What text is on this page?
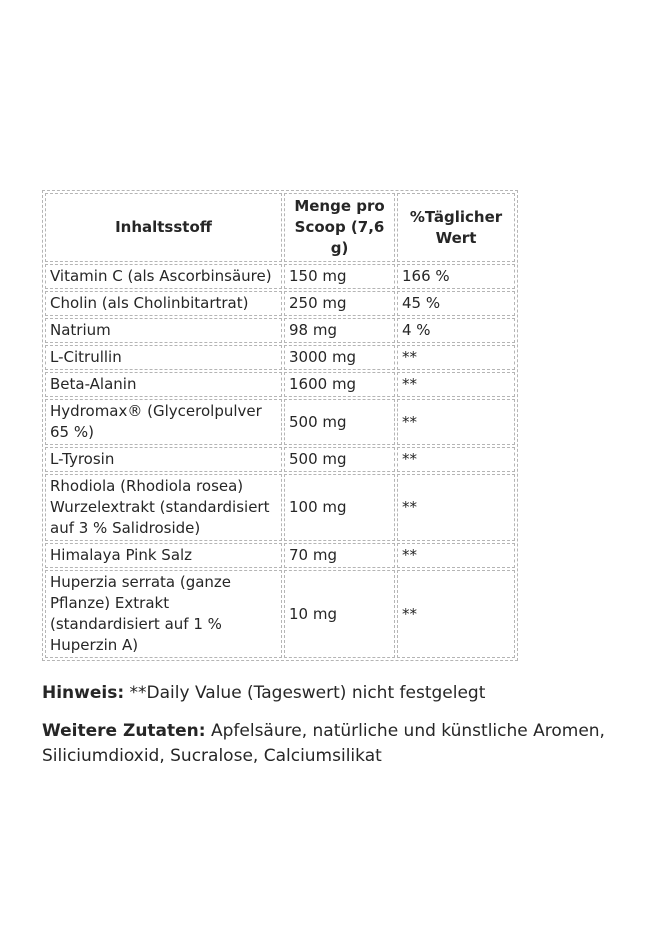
Inhaltsstoff	Menge pro Scoop (7,6 g)	%Täglicher Wert
Vitamin C (als Ascorbinsäure)	150 mg	166 %
Cholin (als Cholinbitartrat)	250 mg	45 %
Natrium	98 mg	4 %
L-Citrullin	3000 mg	**
Beta-Alanin	1600 mg	**
Hydromax® (Glycerolpulver 65 %)	500 mg	**
L-Tyrosin	500 mg	**
Rhodiola (Rhodiola rosea) Wurzelextrakt (standardisiert auf 3 % Salidroside)	100 mg	**
Himalaya Pink Salz	70 mg	**
Huperzia serrata (ganze Pflanze) Extrakt (standardisiert auf 1 % Huperzin A)	10 mg	**

Hinweis: **Daily Value (Tageswert) nicht festgelegt

Weitere Zutaten: Apfelsäure, natürliche und künstliche Aromen, Siliciumdioxid, Sucralose, Calciumsilikat
